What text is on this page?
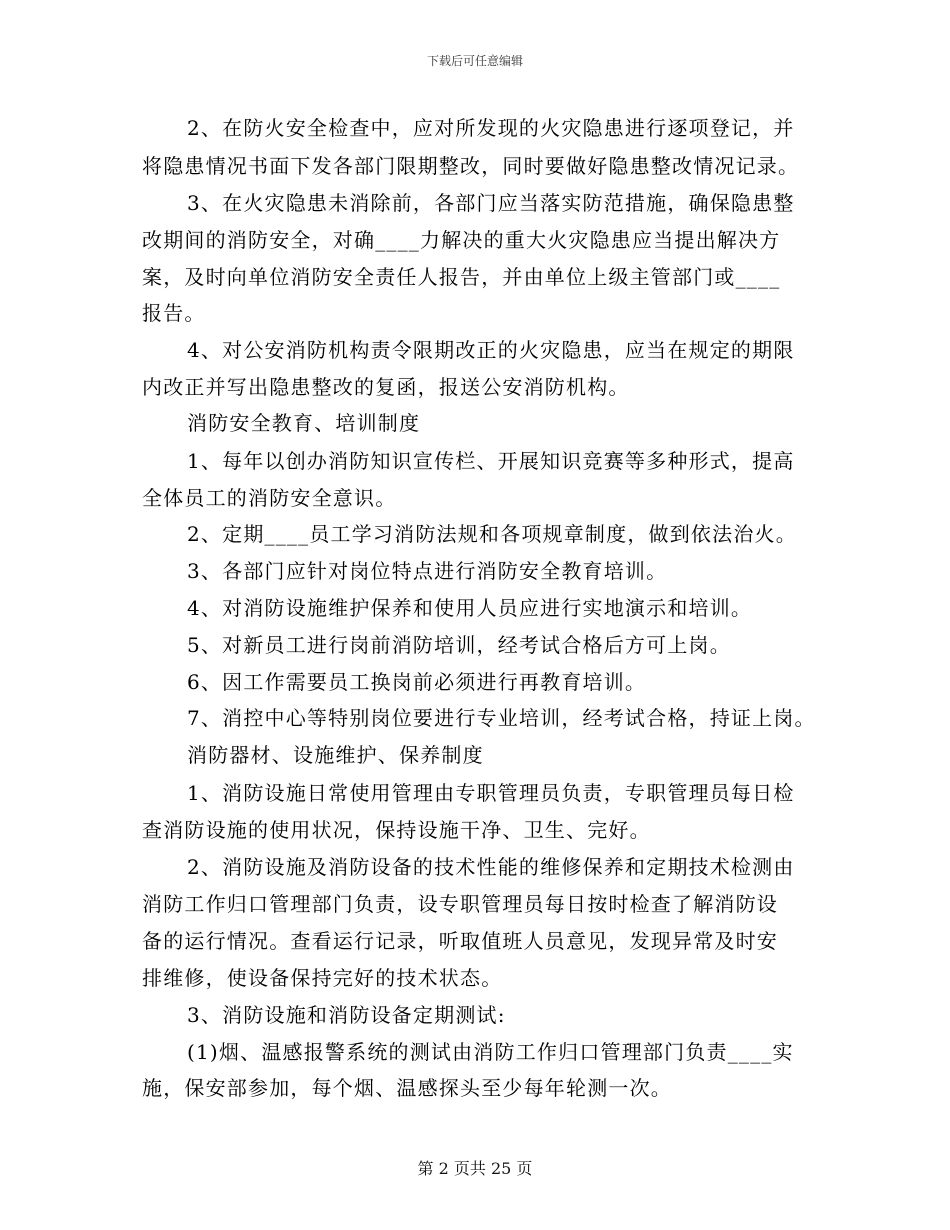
下载后可任意编辑
2、在防火安全检查中，应对所发现的火灾隐患进行逐项登记，并
将隐患情况书面下发各部门限期整改，同时要做好隐患整改情况记录。
3、在火灾隐患未消除前，各部门应当落实防范措施，确保隐患整
改期间的消防安全，对确____力解决的重大火灾隐患应当提出解决方
案，及时向单位消防安全责任人报告，并由单位上级主管部门或____
报告。
4、对公安消防机构责令限期改正的火灾隐患，应当在规定的期限
内改正并写出隐患整改的复函，报送公安消防机构。
消防安全教育、培训制度
1、每年以创办消防知识宣传栏、开展知识竞赛等多种形式，提高
全体员工的消防安全意识。
2、定期____员工学习消防法规和各项规章制度，做到依法治火。
3、各部门应针对岗位特点进行消防安全教育培训。
4、对消防设施维护保养和使用人员应进行实地演示和培训。
5、对新员工进行岗前消防培训，经考试合格后方可上岗。
6、因工作需要员工换岗前必须进行再教育培训。
7、消控中心等特别岗位要进行专业培训，经考试合格，持证上岗。
消防器材、设施维护、保养制度
1、消防设施日常使用管理由专职管理员负责，专职管理员每日检
查消防设施的使用状况，保持设施干净、卫生、完好。
2、消防设施及消防设备的技术性能的维修保养和定期技术检测由
消防工作归口管理部门负责，设专职管理员每日按时检查了解消防设
备的运行情况。查看运行记录，听取值班人员意见，发现异常及时安
排维修，使设备保持完好的技术状态。
3、消防设施和消防设备定期测试:
(1)烟、温感报警系统的测试由消防工作归口管理部门负责____实
施，保安部参加，每个烟、温感探头至少每年轮测一次。
第 2 页共 25 页
